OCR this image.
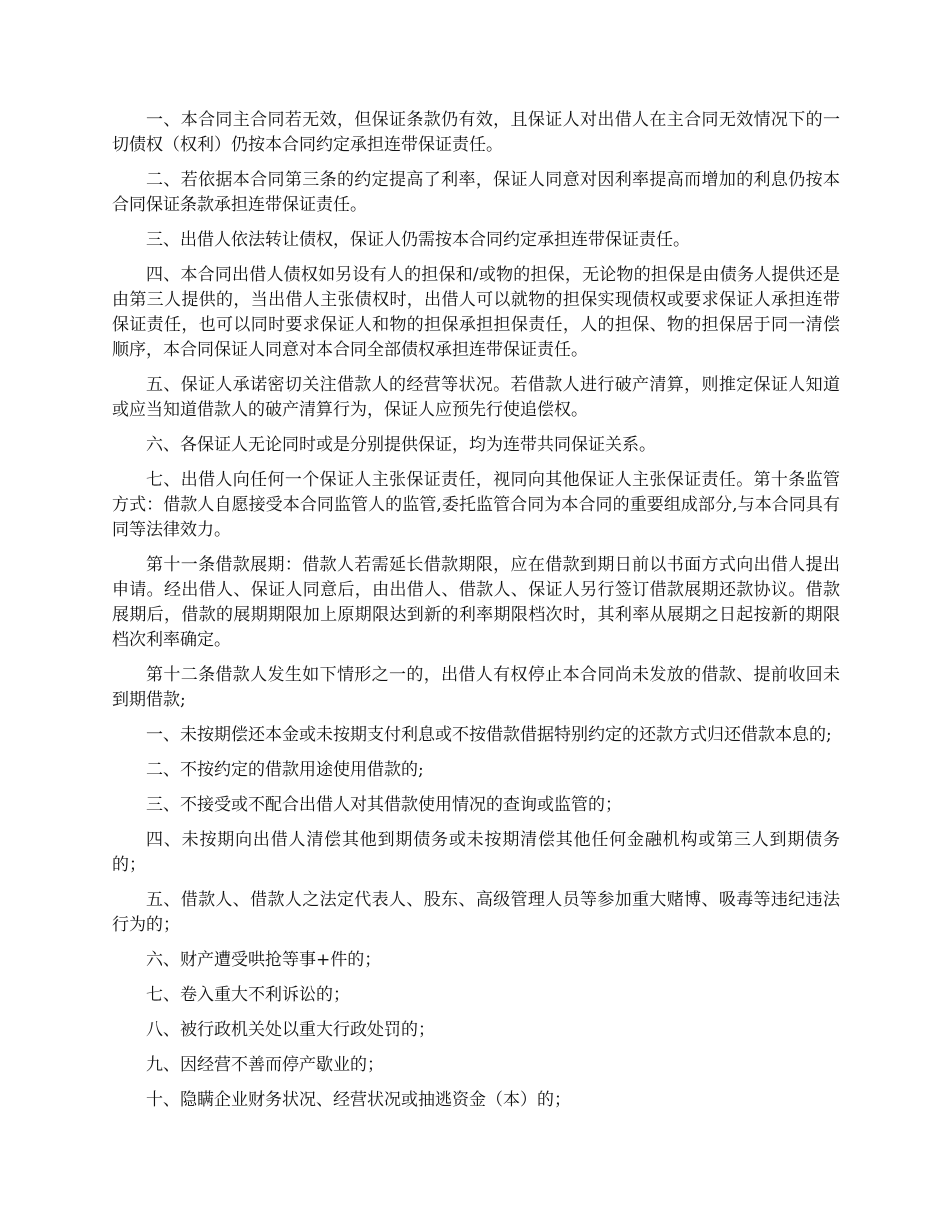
一、本合同主合同若无效，但保证条款仍有效，且保证人对出借人在主合同无效情况下的一切债权（权利）仍按本合同约定承担连带保证责任。

二、若依据本合同第三条的约定提高了利率，保证人同意对因利率提高而增加的利息仍按本合同保证条款承担连带保证责任。

三、出借人依法转让债权，保证人仍需按本合同约定承担连带保证责任。

四、本合同出借人债权如另设有人的担保和/或物的担保，无论物的担保是由债务人提供还是由第三人提供的，当出借人主张债权时，出借人可以就物的担保实现债权或要求保证人承担连带保证责任，也可以同时要求保证人和物的担保承担担保责任，人的担保、物的担保居于同一清偿顺序，本合同保证人同意对本合同全部债权承担连带保证责任。

五、保证人承诺密切关注借款人的经营等状况。若借款人进行破产清算，则推定保证人知道或应当知道借款人的破产清算行为，保证人应预先行使追偿权。

六、各保证人无论同时或是分别提供保证，均为连带共同保证关系。

七、出借人向任何一个保证人主张保证责任，视同向其他保证人主张保证责任。第十条监管方式：借款人自愿接受本合同监管人的监管,委托监管合同为本合同的重要组成部分,与本合同具有同等法律效力。

第十一条借款展期：借款人若需延长借款期限，应在借款到期日前以书面方式向出借人提出申请。经出借人、保证人同意后，由出借人、借款人、保证人另行签订借款展期还款协议。借款展期后，借款的展期期限加上原期限达到新的利率期限档次时，其利率从展期之日起按新的期限档次利率确定。

第十二条借款人发生如下情形之一的，出借人有权停止本合同尚未发放的借款、提前收回未到期借款;

一、未按期偿还本金或未按期支付利息或不按借款借据特别约定的还款方式归还借款本息的;

二、不按约定的借款用途使用借款的;

三、不接受或不配合出借人对其借款使用情况的查询或监管的；

四、未按期向出借人清偿其他到期债务或未按期清偿其他任何金融机构或第三人到期债务的；

五、借款人、借款人之法定代表人、股东、高级管理人员等参加重大赌博、吸毒等违纪违法行为的；

六、财产遭受哄抢等事+件的；

七、卷入重大不利诉讼的；

八、被行政机关处以重大行政处罚的；

九、因经营不善而停产歇业的；

十、隐瞒企业财务状况、经营状况或抽逃资金（本）的；
